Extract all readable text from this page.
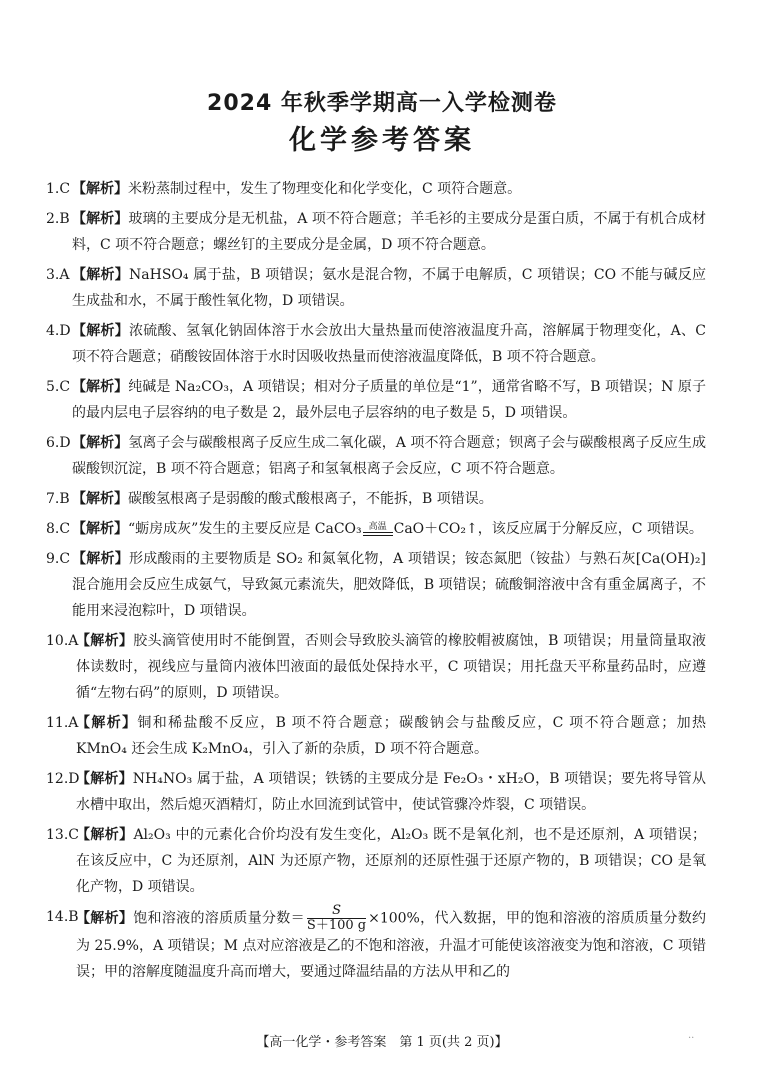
2024 年秋季学期高一入学检测卷
化学参考答案
1.C 【解析】米粉蒸制过程中，发生了物理变化和化学变化，C 项符合题意。
2.B 【解析】玻璃的主要成分是无机盐，A 项不符合题意；羊毛衫的主要成分是蛋白质，不属于有机合成材料，C 项不符合题意；螺丝钉的主要成分是金属，D 项不符合题意。
3.A 【解析】NaHSO₄ 属于盐，B 项错误；氨水是混合物，不属于电解质，C 项错误；CO 不能与碱反应生成盐和水，不属于酸性氧化物，D 项错误。
4.D 【解析】浓硫酸、氢氧化钠固体溶于水会放出大量热量而使溶液温度升高，溶解属于物理变化，A、C 项不符合题意；硝酸铵固体溶于水时因吸收热量而使溶液温度降低，B 项不符合题意。
5.C 【解析】纯碱是 Na₂CO₃，A 项错误；相对分子质量的单位是“1”，通常省略不写，B 项错误；N 原子的最内层电子层容纳的电子数是 2，最外层电子层容纳的电子数是 5，D 项错误。
6.D 【解析】氢离子会与碳酸根离子反应生成二氧化碳，A 项不符合题意；钡离子会与碳酸根离子反应生成碳酸钡沉淀，B 项不符合题意；铝离子和氢氧根离子会反应，C 项不符合题意。
7.B 【解析】碳酸氢根离子是弱酸的酸式酸根离子，不能拆，B 项错误。
8.C 【解析】“蛎房成灰”发生的主要反应是 CaCO₃ 高温 CaO＋CO₂↑，该反应属于分解反应，C 项错误。
9.C 【解析】形成酸雨的主要物质是 SO₂ 和氮氧化物，A 项错误；铵态氮肥（铵盐）与熟石灰[Ca(OH)₂]混合施用会反应生成氨气，导致氮元素流失，肥效降低，B 项错误；硫酸铜溶液中含有重金属离子，不能用来浸泡粽叶，D 项错误。
10.A
【解析】胶头滴管使用时不能倒置，否则会导致胶头滴管的橡胶帽被腐蚀，B 项错误；用量筒量取液体读数时，视线应与量筒内液体凹液面的最低处保持水平，C 项错误；用托盘天平称量药品时，应遵循“左物右码”的原则，D 项错误。
11.A
【解析】铜和稀盐酸不反应，B 项不符合题意；碳酸钠会与盐酸反应，C 项不符合题意；加热 KMnO₄ 还会生成 K₂MnO₄，引入了新的杂质，D 项不符合题意。
12.D
【解析】NH₄NO₃ 属于盐，A 项错误；铁锈的主要成分是 Fe₂O₃・xH₂O，B 项错误；要先将导管从水槽中取出，然后熄灭酒精灯，防止水回流到试管中，使试管骤冷炸裂，C 项错误。
13.C
【解析】Al₂O₃ 中的元素化合价均没有发生变化，Al₂O₃ 既不是氧化剂，也不是还原剂，A 项错误；在该反应中，C 为还原剂，AlN 为还原产物，还原剂的还原性强于还原产物的，B 项错误；CO 是氧化产物，D 项错误。
14.B
【解析】饱和溶液的溶质质量分数＝ $\frac{S}{S+100 g} \times 100\%$，代入数据，甲的饱和溶液的溶质质量分数约为 25.9%，A 项错误；M 点对应溶液是乙的不饱和溶液，升温才可能使该溶液变为饱和溶液，C 项错误；甲的溶解度随温度升高而增大，要通过降温结晶的方法从甲和乙的
【高一化学・参考答案　第 1 页(共 2 页)】	..
